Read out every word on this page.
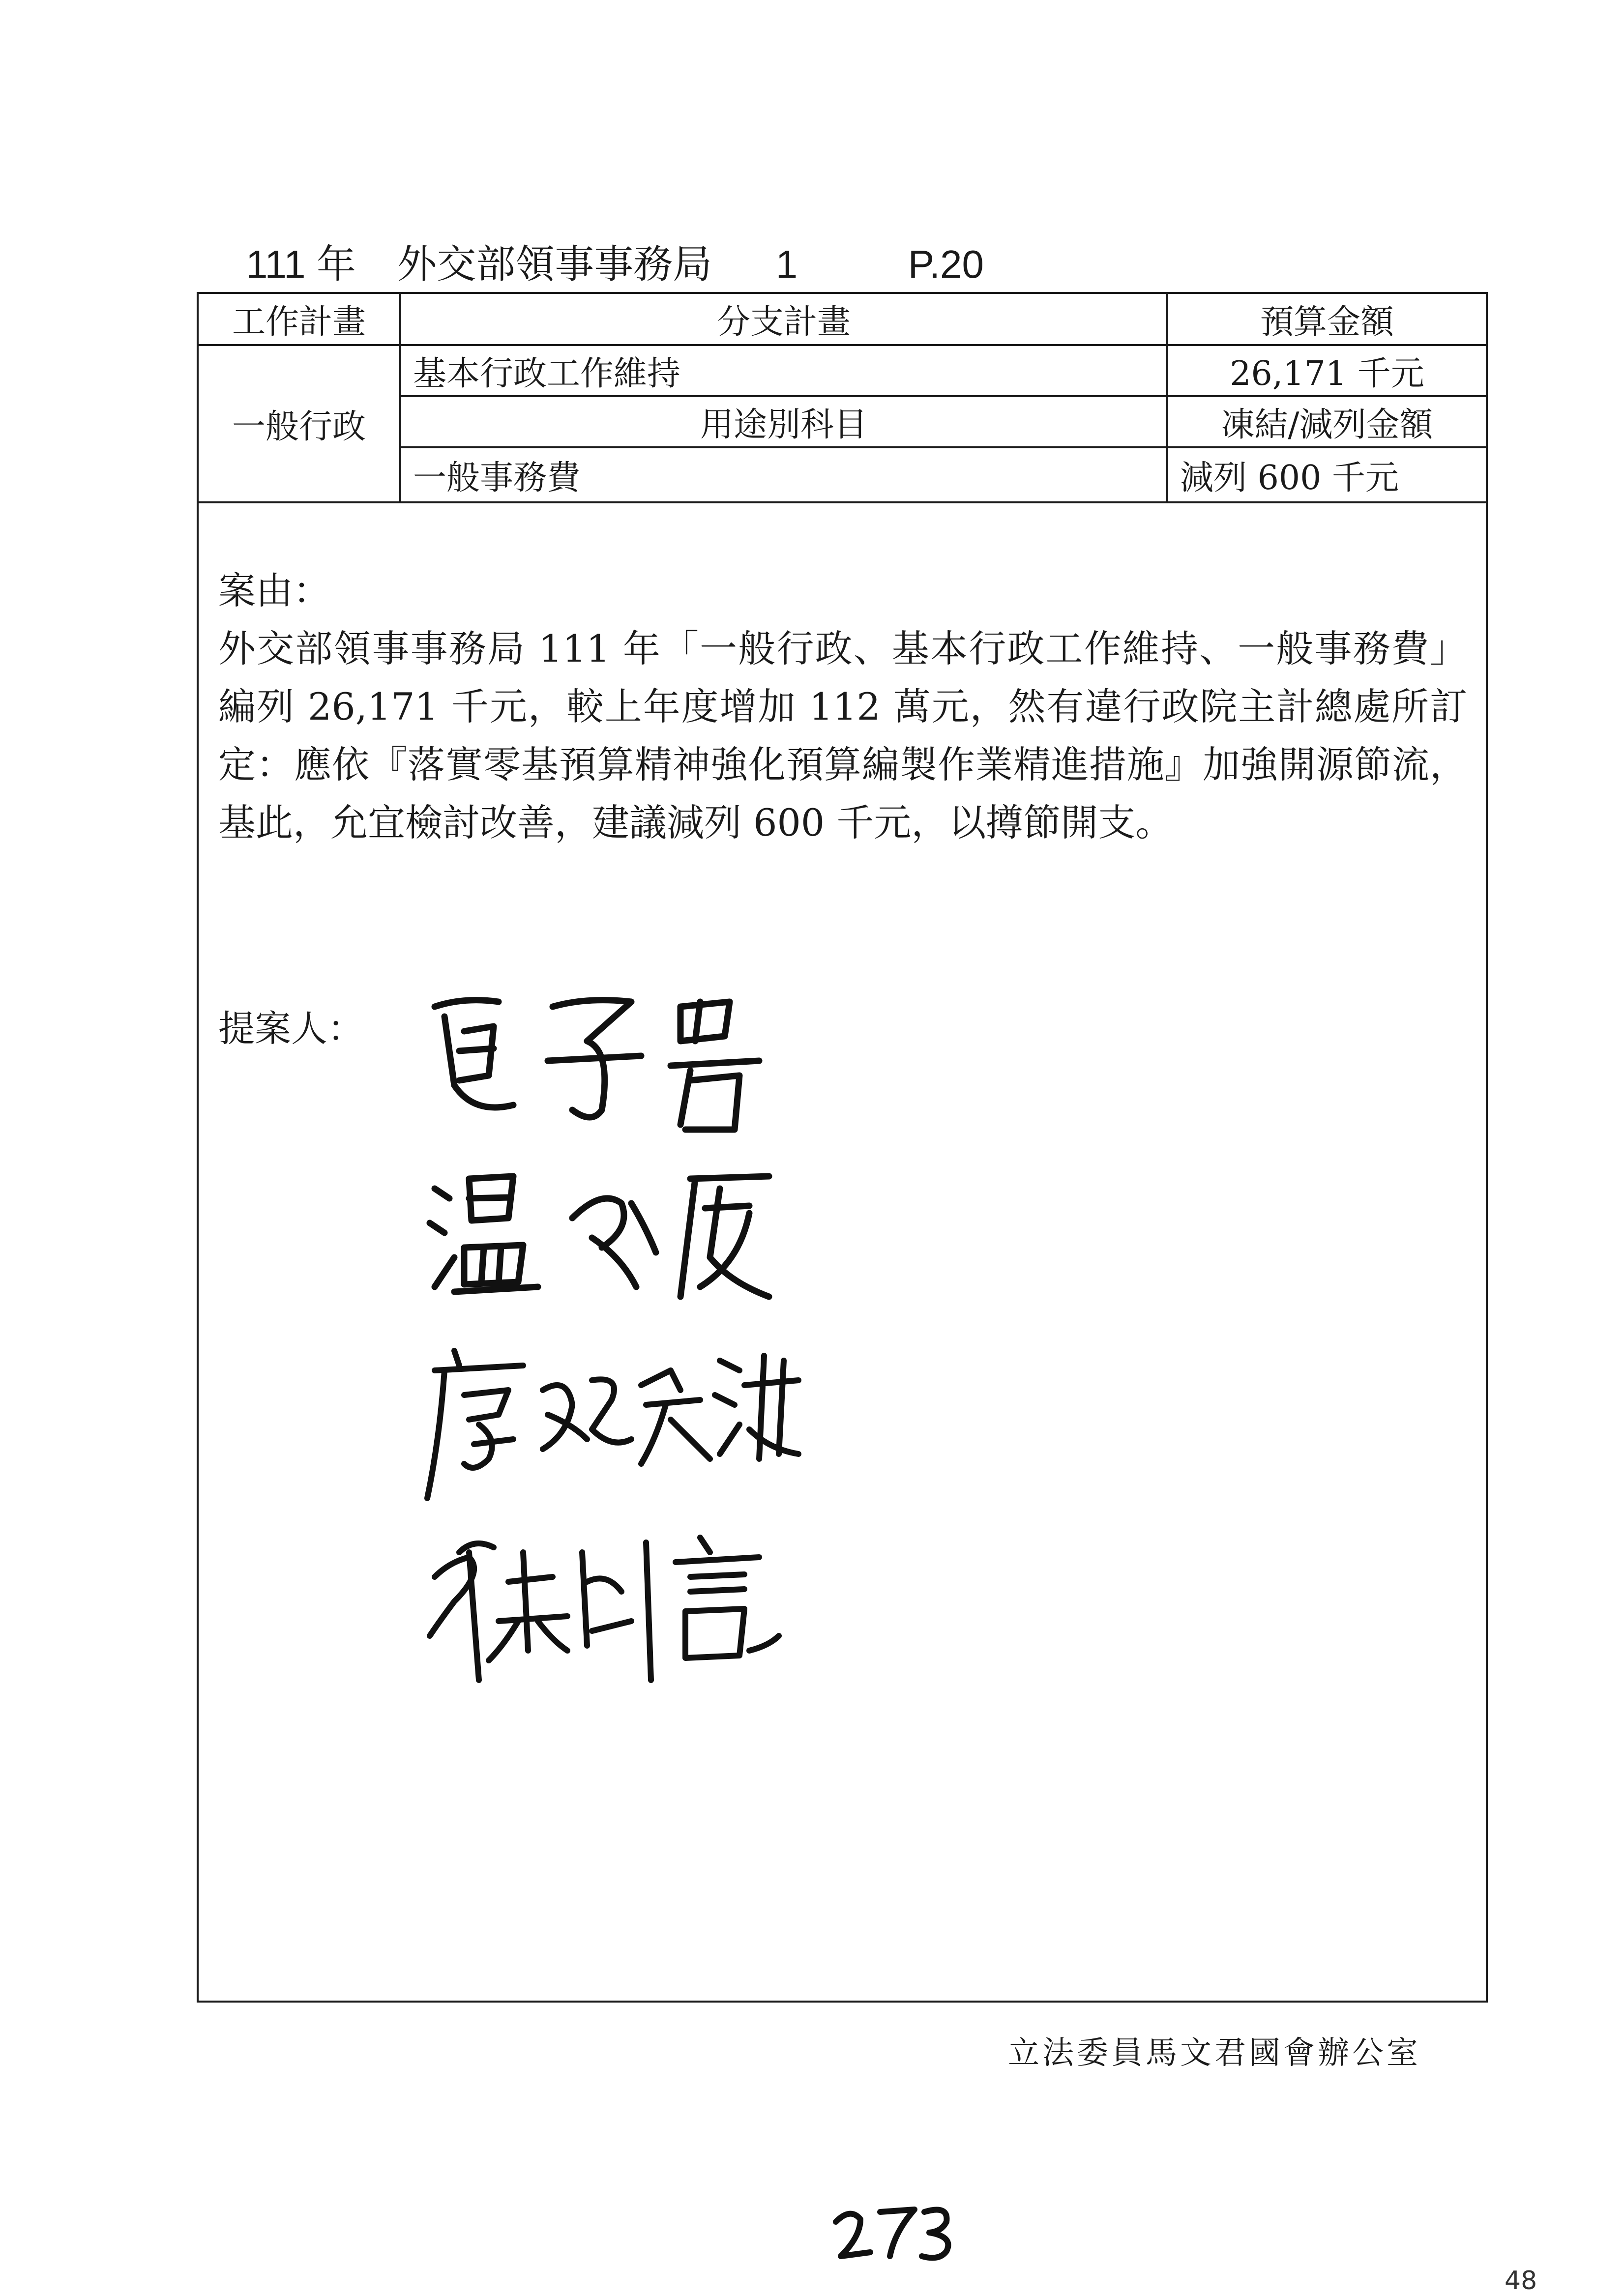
111 年 外交部領事事務局 1	P.20
工作計畫	分支計畫	預算金額
一般行政	基本行政工作維持	26,171 千元
	用途別科目	凍結/減列金額
	一般事務費	減列 600 千元
案由：
外交部領事事務局 111 年「一般行政、基本行政工作維持、一般事務費」編列 26,171 千元，較上年度增加 112 萬元，然有違行政院主計總處所訂定：應依『落實零基預算精神強化預算編製作業精進措施』加強開源節流，基此，允宜檢討改善，建議減列 600 千元，以撙節開支。
提案人：
立法委員馬文君國會辦公室
48
